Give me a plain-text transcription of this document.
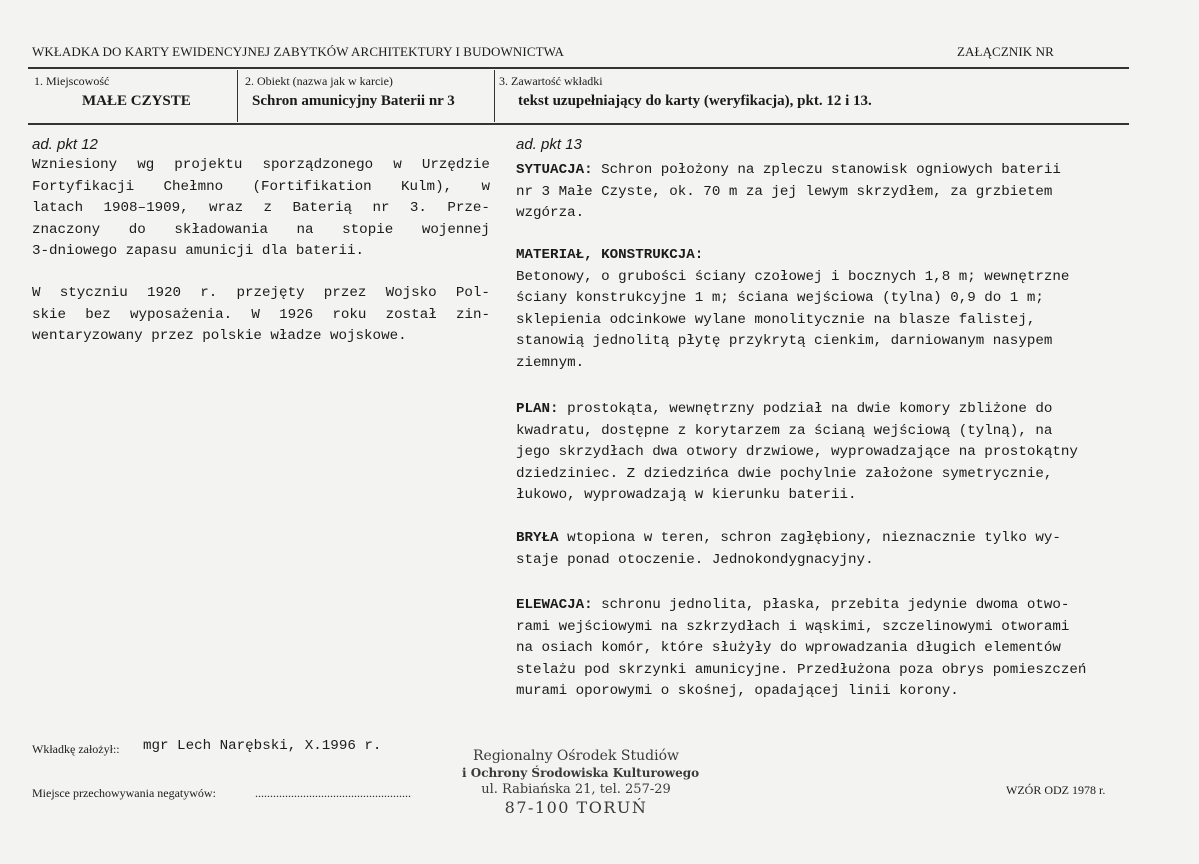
WKŁADKA DO KARTY EWIDENCYJNEJ ZABYTKÓW ARCHITEKTURY I BUDOWNICTWA	ZAŁĄCZNIK NR
1. Miejscowość
MAŁE CZYSTE
2. Obiekt (nazwa jak w karcie)
Schron amunicyjny Baterii nr 3
3. Zawartość wkładki
tekst uzupełniający do karty (weryfikacja), pkt. 12 i 13.
ad. pkt 12
Wzniesiony wg projektu sporządzonego w Urzędzie
Fortyfikacji Chełmno (Fortifikation Kulm), w
latach 1908–1909, wraz z Baterią nr 3. Prze-
znaczony do składowania na stopie wojennej
3-dniowego zapasu amunicji dla baterii.
W styczniu 1920 r. przejęty przez Wojsko Pol-
skie bez wyposażenia. W 1926 roku został zin-
wentaryzowany przez polskie władze wojskowe.
ad. pkt 13
SYTUACJA: Schron położony na zpleczu stanowisk ogniowych baterii
nr 3 Małe Czyste, ok. 70 m za jej lewym skrzydłem, za grzbietem
wzgórza.
MATERIAŁ, KONSTRUKCJA:
Betonowy, o grubości ściany czołowej i bocznych 1,8 m; wewnętrzne
ściany konstrukcyjne 1 m; ściana wejściowa (tylna) 0,9 do 1 m;
sklepienia odcinkowe wylane monolitycznie na blasze falistej,
stanowią jednolitą płytę przykrytą cienkim, darniowanym nasypem
ziemnym.
PLAN: prostokąta, wewnętrzny podział na dwie komory zbliżone do
kwadratu, dostępne z korytarzem za ścianą wejściową (tylną), na
jego skrzydłach dwa otwory drzwiowe, wyprowadzające na prostokątny
dziedziniec. Z dziedzińca dwie pochylnie założone symetrycznie,
łukowo, wyprowadzają w kierunku baterii.
BRYŁA wtopiona w teren, schron zagłębiony, nieznacznie tylko wy-
staje ponad otoczenie. Jednokondygnacyjny.
ELEWACJA: schronu jednolita, płaska, przebita jedynie dwoma otwo-
rami wejściowymi na szkrzydłach i wąskimi, szczelinowymi otworami
na osiach komór, które służyły do wprowadzania długich elementów
stelażu pod skrzynki amunicyjne. Przedłużona poza obrys pomieszczeń
murami oporowymi o skośnej, opadającej linii korony.
Wkładkę założył:: mgr Lech Narębski, X.1996 r.
Miejsce przechowywania negatywów:	....................................................	WZÓR ODZ 1978 r.
Regionalny Ośrodek Studiów
i Ochrony Środowiska Kulturowego
ul. Rabiańska 21, tel. 257-29
87-100 TORUŃ
